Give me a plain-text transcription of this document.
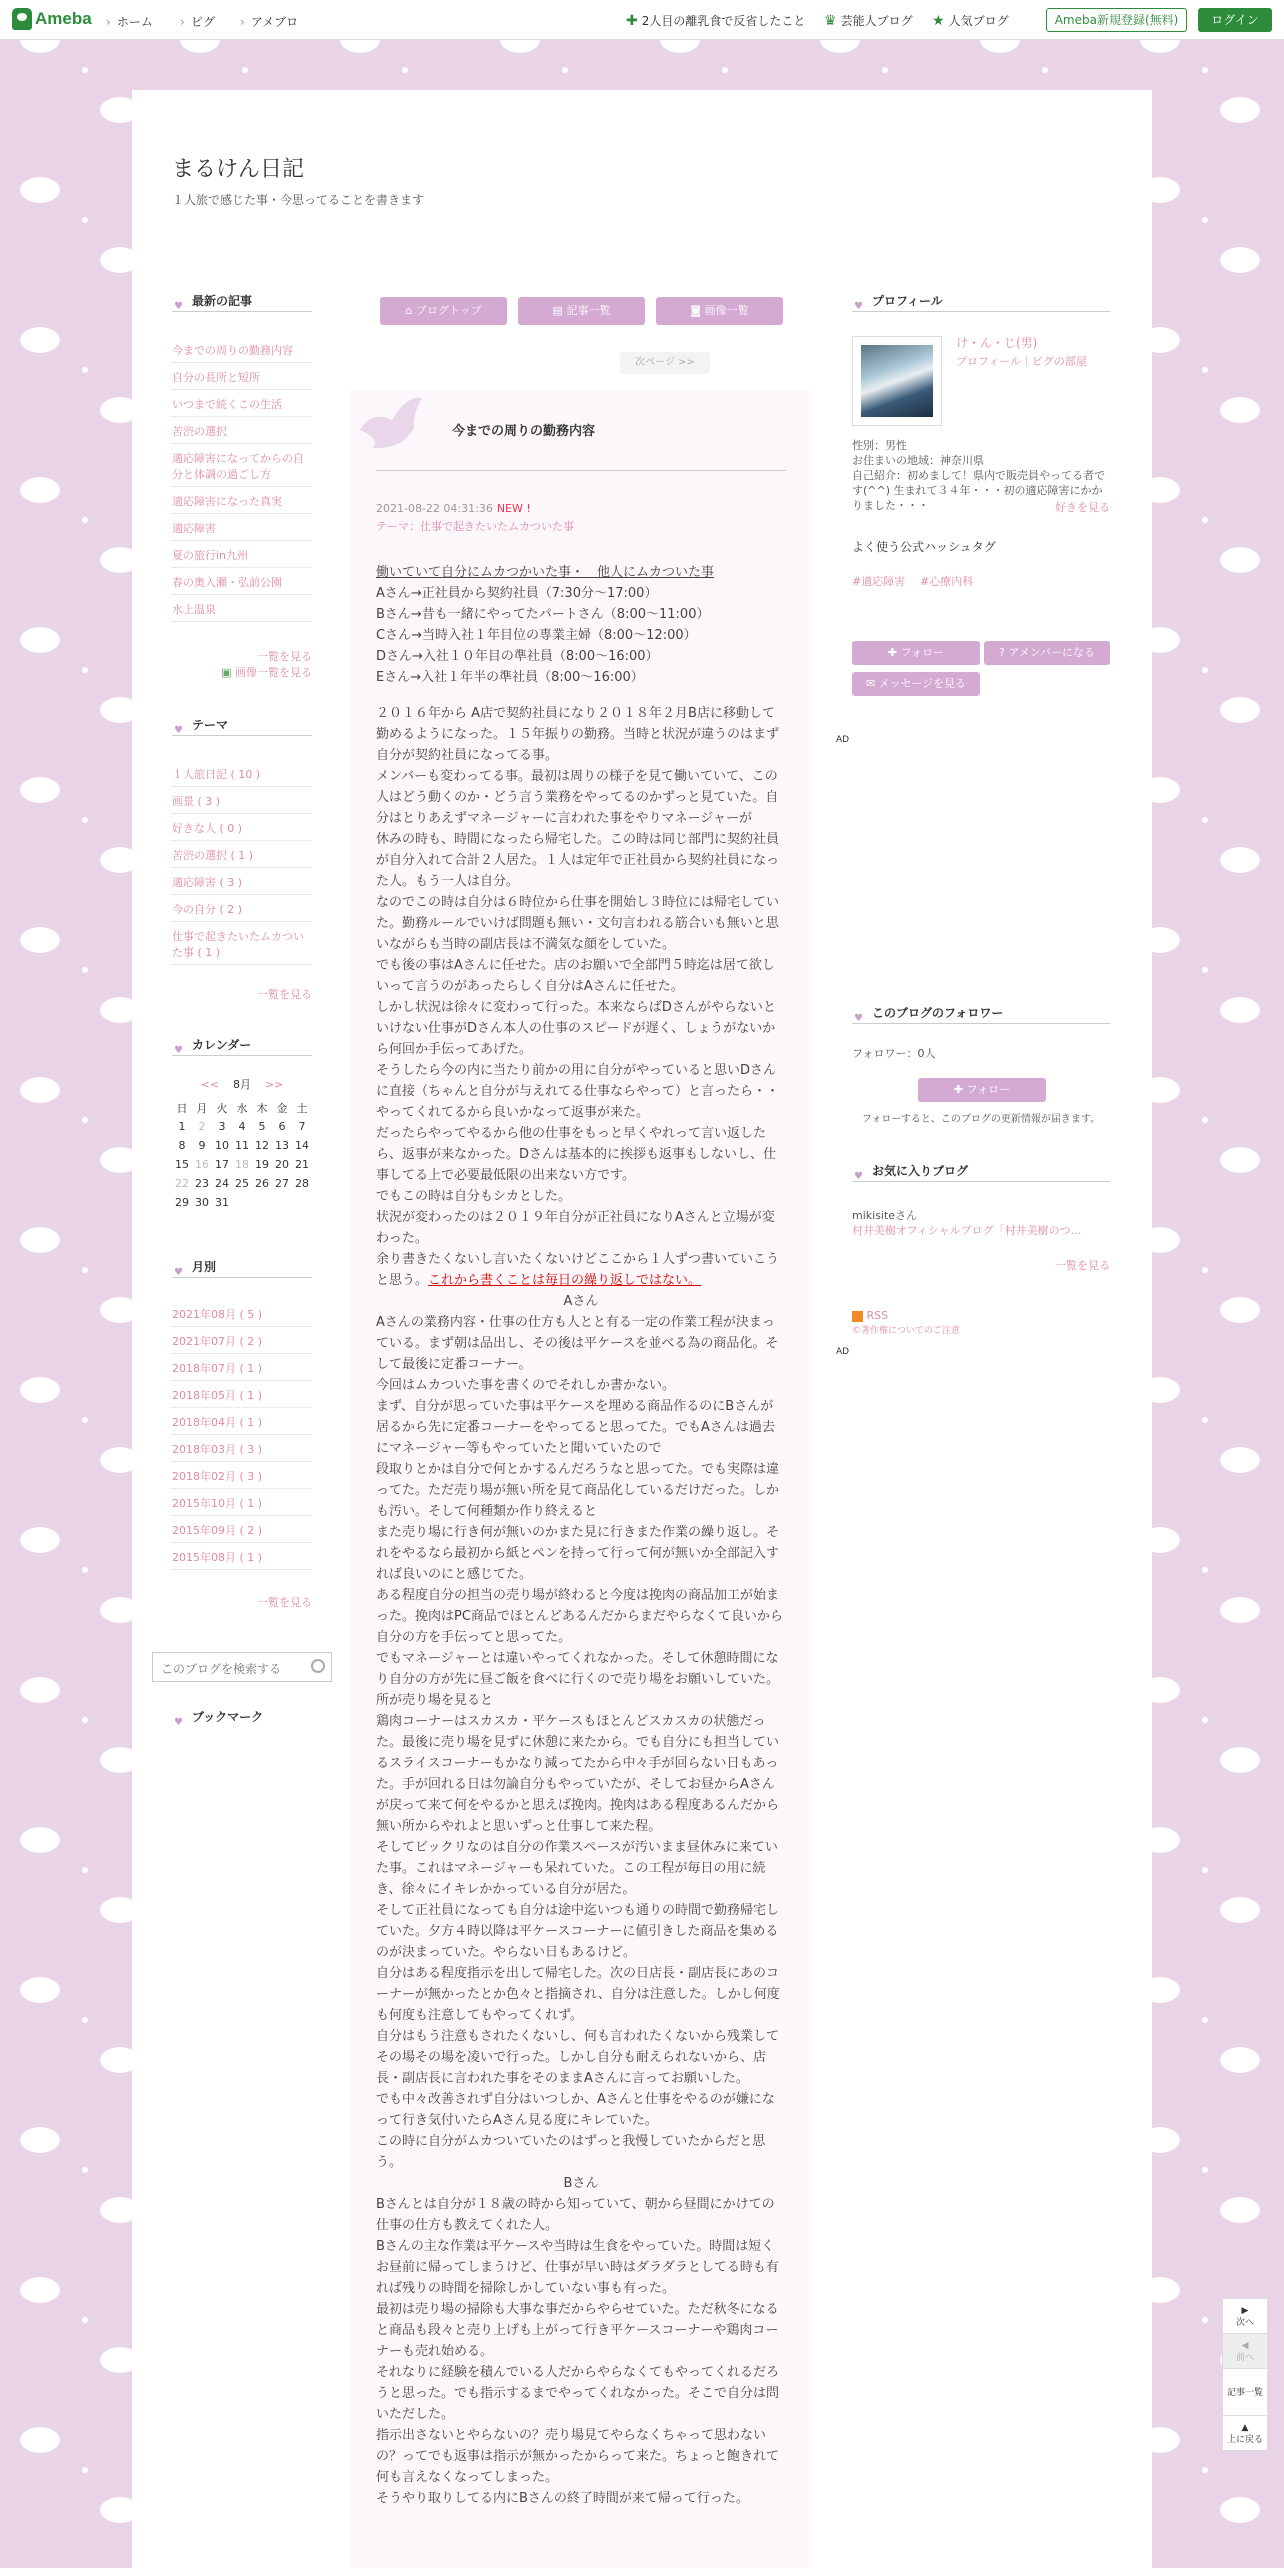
Ameba	› ホーム	› ピグ	› アメブロ	✚ 2人目の離乳食で反省したこと ♛ 芸能人ブログ ★ 人気ブログ	Ameba新規登録(無料)	ログイン
まるけん日記
１人旅で感じた事・今思ってることを書きます
♥ 最新の記事
今までの周りの勤務内容
自分の長所と短所
いつまで続くこの生活
苦渋の選択
適応障害になってからの自分と体調の過ごし方
適応障害になった真実
適応障害
夏の旅行in九州
春の奥入瀬・弘前公園
水上温泉
一覧を見る
▣ 画像一覧を見る
♥ テーマ
１人旅日記 ( 10 )
画景 ( 3 )
好きな人 ( 0 )
苦渋の選択 ( 1 )
適応障害 ( 3 )
今の自分 ( 2 )
仕事で起きたいたムカついた事 ( 1 )
一覧を見る
♥ カレンダー
<< 8月 >>
日	月	火	水	木	金	土
1	2	3	4	5	6	7
8	9	10	11	12	13	14
15	16	17	18	19	20	21
22	23	24	25	26	27	28
29	30	31				
♥ 月別
2021年08月 ( 5 )
2021年07月 ( 2 )
2018年07月 ( 1 )
2018年05月 ( 1 )
2018年04月 ( 1 )
2018年03月 ( 3 )
2018年02月 ( 3 )
2015年10月 ( 1 )
2015年09月 ( 2 )
2015年08月 ( 1 )
一覧を見る
このブログを検索する
♥ ブックマーク
⌂ ブログトップ	▤ 記事一覧	◙ 画像一覧
次ページ >>
今までの周りの勤務内容
2021-08-22 04:31:36 NEW !
テーマ：仕事で起きたいたムカついた事

働いていて自分にムカつかいた事・　他人にムカついた事

Aさん→正社員から契約社員（7:30分～17:00）

Bさん→昔も一緒にやってたパートさん（8:00～11:00）

Cさん→当時入社１年目位の専業主婦（8:00～12:00）

Dさん→入社１０年目の準社員（8:00～16:00）

Eさん→入社１年半の準社員（8:00～16:00）

２０１６年から A店で契約社員になり２０１８年２月B店に移動して勤めるようになった。１５年振りの勤務。当時と状況が違うのはまず自分が契約社員になってる事。

メンバーも変わってる事。最初は周りの様子を見て働いていて、この人はどう動くのか・どう言う業務をやってるのかずっと見ていた。自分はとりあえずマネージャーに言われた事をやりマネージャーが

休みの時も、時間になったら帰宅した。この時は同じ部門に契約社員が自分入れて合計２人居た。１人は定年で正社員から契約社員になった人。もう一人は自分。

なのでこの時は自分は６時位から仕事を開始し３時位には帰宅していた。勤務ルールでいけば問題も無い・文句言われる筋合いも無いと思いながらも当時の副店長は不満気な顔をしていた。

でも後の事はAさんに任せた。店のお願いで全部門５時迄は居て欲しいって言うのがあったらしく自分はAさんに任せた。

しかし状況は徐々に変わって行った。本来ならばDさんがやらないといけない仕事がDさん本人の仕事のスピードが遅く、しょうがないから何回か手伝ってあげた。

そうしたら今の内に当たり前かの用に自分がやっていると思いDさんに直接（ちゃんと自分が与えれてる仕事ならやって）と言ったら・・やってくれてるから良いかなって返事が来た。

だったらやってやるから他の仕事をもっと早くやれって言い返したら、返事が来なかった。Dさんは基本的に挨拶も返事もしないし、仕事してる上で必要最低限の出来ない方です。

でもこの時は自分もシカとした。

状況が変わったのは２０１９年自分が正社員になりAさんと立場が変わった。

余り書きたくないし言いたくないけどここから１人ずつ書いていこうと思う。これから書くことは毎日の繰り返しではない。

Aさん

Aさんの業務内容・仕事の仕方も人とと有る一定の作業工程が決まっている。まず朝は品出し、その後は平ケースを並べる為の商品化。そして最後に定番コーナー。

今回はムカついた事を書くのでそれしか書かない。

まず、自分が思っていた事は平ケースを埋める商品作るのにBさんが居るから先に定番コーナーをやってると思ってた。でもAさんは過去にマネージャー等もやっていたと聞いていたので

段取りとかは自分で何とかするんだろうなと思ってた。でも実際は違ってた。ただ売り場が無い所を見て商品化しているだけだった。しかも汚い。そして何種類か作り終えると

また売り場に行き何が無いのかまた見に行きまた作業の繰り返し。それをやるなら最初から紙とペンを持って行って何が無いか全部記入すれば良いのにと感じてた。

ある程度自分の担当の売り場が終わると今度は挽肉の商品加工が始まった。挽肉はPC商品でほとんどあるんだからまだやらなくて良いから自分の方を手伝ってと思ってた。

でもマネージャーとは違いやってくれなかった。そして休憩時間になり自分の方が先に昼ご飯を食べに行くので売り場をお願いしていた。所が売り場を見ると

鶏肉コーナーはスカスカ・平ケースもほとんどスカスカの状態だった。最後に売り場を見ずに休憩に来たから。でも自分にも担当しているスライスコーナーもかなり減ってたから中々手が回らない日もあった。手が回れる日は勿論自分もやっていたが、そしてお昼からAさんが戻って来て何をやるかと思えば挽肉。挽肉はある程度あるんだから無い所からやれよと思いずっと仕事して来た程。

そしてビックリなのは自分の作業スペースが汚いまま昼休みに来ていた事。これはマネージャーも呆れていた。この工程が毎日の用に続き、徐々にイキレかかっている自分が居た。

そして正社員になっても自分は途中迄いつも通りの時間で勤務帰宅していた。夕方４時以降は平ケースコーナーに値引きした商品を集めるのが決まっていた。やらない日もあるけど。

自分はある程度指示を出して帰宅した。次の日店長・副店長にあのコーナーが無かったとか色々と指摘され、自分は注意した。しかし何度も何度も注意してもやってくれず。

自分はもう注意もされたくないし、何も言われたくないから残業してその場その場を凌いで行った。しかし自分も耐えられないから、店長・副店長に言われた事をそのままAさんに言ってお願いした。

でも中々改善されず自分はいつしか、Aさんと仕事をやるのが嫌になって行き気付いたらAさん見る度にキレていた。

この時に自分がムカついていたのはずっと我慢していたからだと思う。

Bさん

Bさんとは自分が１８歳の時から知っていて、朝から昼間にかけての仕事の仕方も教えてくれた人。

Bさんの主な作業は平ケースや当時は生食をやっていた。時間は短くお昼前に帰ってしまうけど、仕事が早い時はダラダラとしてる時も有れば残りの時間を掃除しかしていない事も有った。

最初は売り場の掃除も大事な事だからやらせていた。ただ秋冬になると商品も段々と売り上げも上がって行き平ケースコーナーや鶏肉コーナーも売れ始める。

それなりに経験を積んでいる人だからやらなくてもやってくれるだろうと思った。でも指示するまでやってくれなかった。そこで自分は問いただした。

指示出さないとやらないの？売り場見てやらなくちゃって思わないの？ってでも返事は指示が無かったからって来た。ちょっと飽きれて何も言えなくなってしまった。

そうやり取りしてる内にBさんの終了時間が来て帰って行った。

♥ プロフィール
け・ん・じ(男)
プロフィール｜ピグの部屋
性別：男性
お住まいの地域：神奈川県
自己紹介：初めまして！県内で販売員やってる者です(^^) 生まれて３４年・・・初の適応障害にかかりました・・・	好きを見る
よく使う公式ハッシュタグ
#適応障害 #心療内科
✚ フォロー	? アメンバーになる
✉ メッセージを見る
AD
♥ このブログのフォロワー
フォロワー：0人
✚ フォロー
フォローすると、このブログの更新情報が届きます。
♥ お気に入りブログ
mikisiteさん
村井美樹オフィシャルブログ「村井美樹のつ...
一覧を見る
RSS
©著作権についてのご注意
AD
▶
次へ
◀
前へ

記事一覧

▲
上に戻る
